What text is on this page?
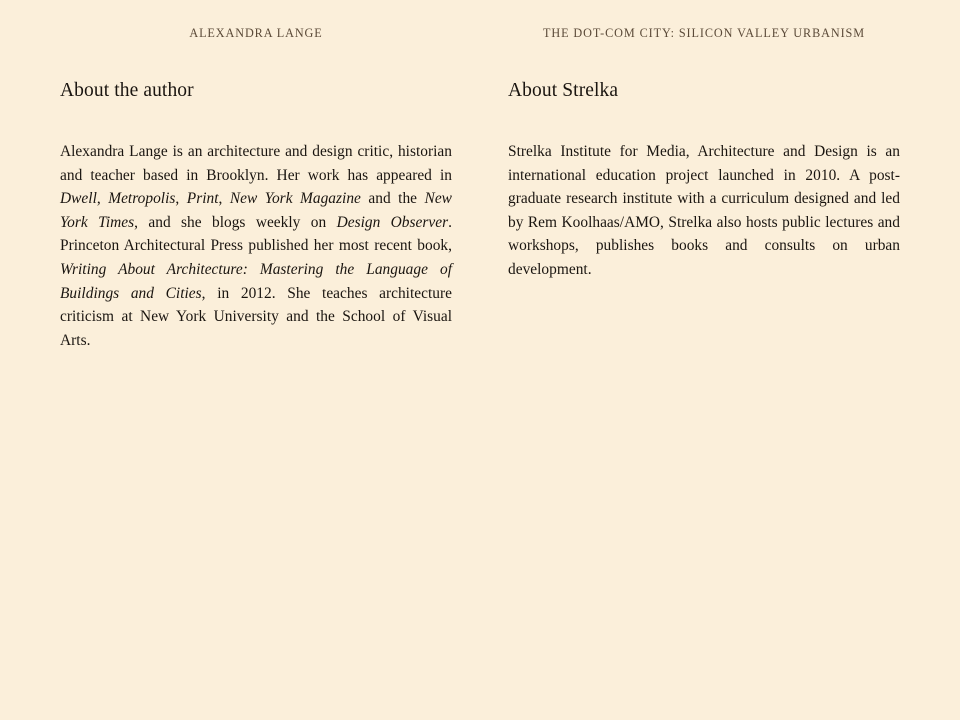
ALEXANDRA LANGE	THE DOT-COM CITY: SILICON VALLEY URBANISM
About the author

Alexandra Lange is an architecture and design critic, historian and teacher based in Brooklyn. Her work has appeared in Dwell, Metropolis, Print, New York Magazine and the New York Times, and she blogs weekly on Design Observer. Princeton Architectural Press published her most recent book, Writing About Architecture: Mastering the Language of Buildings and Cities, in 2012. She teaches architecture criticism at New York University and the School of Visual Arts.

About Strelka

Strelka Institute for Media, Architecture and Design is an international education project launched in 2010. A post-graduate research institute with a curriculum designed and led by Rem Koolhaas/AMO, Strelka also hosts public lectures and workshops, publishes books and consults on urban development.
